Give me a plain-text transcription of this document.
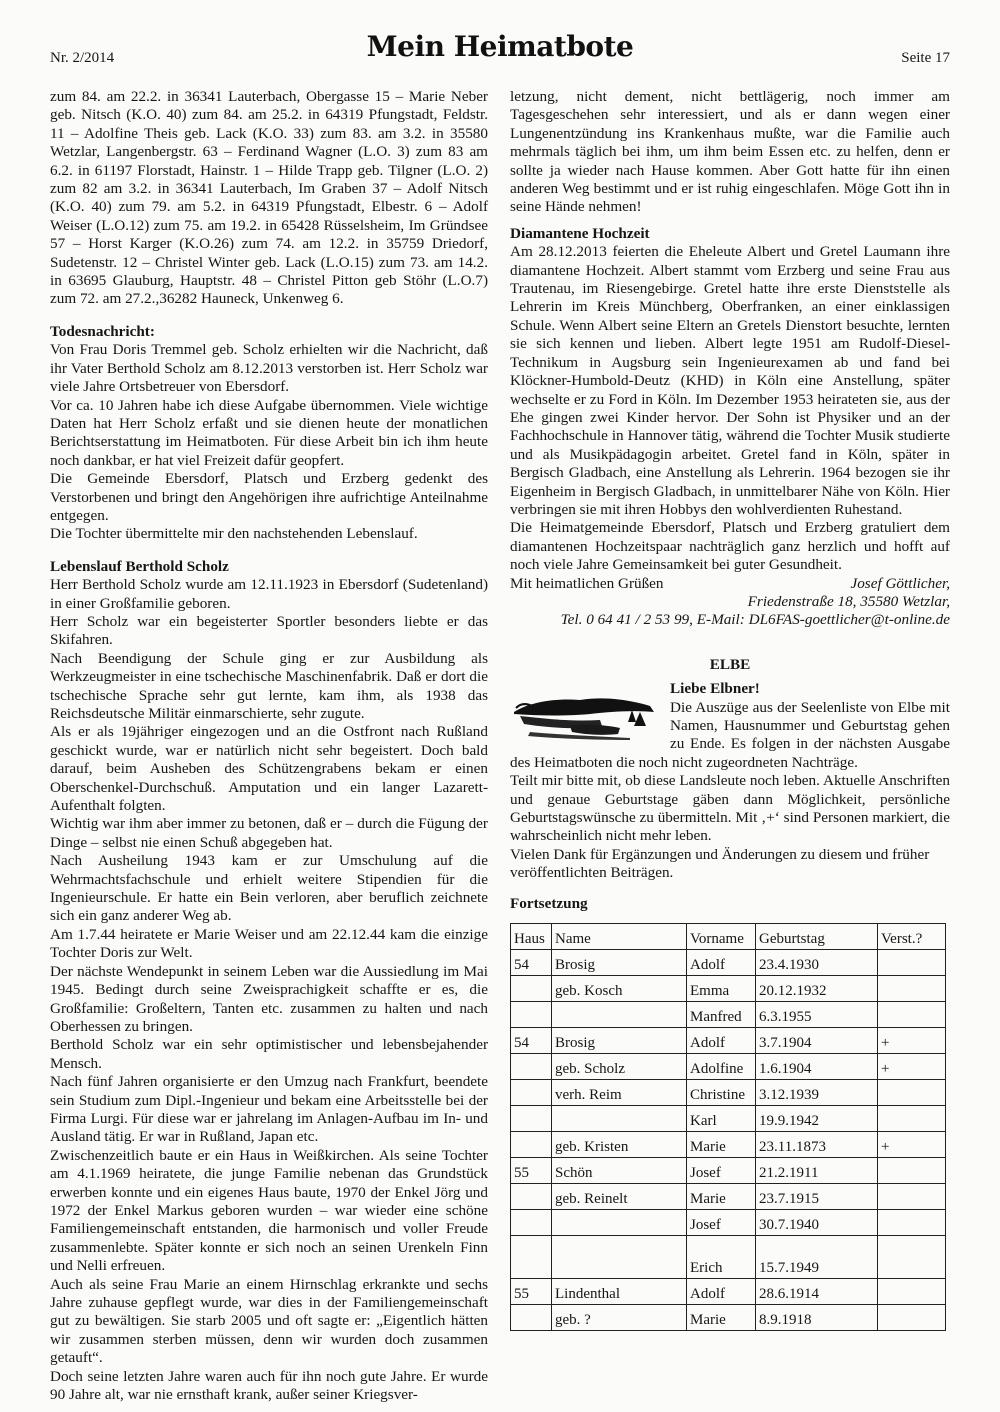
Nr. 2/2014	Mein Heimatbote	Seite 17

zum 84. am 22.2. in 36341 Lauterbach, Obergasse 15 – Marie Neber geb. Nitsch (K.O. 40) zum 84. am 25.2. in 64319 Pfungstadt, Feldstr. 11 – Adolfine Theis geb. Lack (K.O. 33) zum 83. am 3.2. in 35580 Wetzlar, Langenbergstr. 63 – Ferdinand Wagner (L.O. 3) zum 83 am 6.2. in 61197 Florstadt, Hainstr. 1 – Hilde Trapp geb. Tilgner (L.O. 2) zum 82 am 3.2. in 36341 Lauterbach, Im Graben 37 – Adolf Nitsch (K.O. 40) zum 79. am 5.2. in 64319 Pfungstadt, Elbestr. 6 – Adolf Weiser (L.O.12) zum 75. am 19.2. in 65428 Rüsselsheim, Im Gründsee 57 – Horst Karger (K.O.26) zum 74. am 12.2. in 35759 Driedorf, Sudetenstr. 12 – Christel Winter geb. Lack (L.O.15) zum 73. am 14.2. in 63695 Glauburg, Hauptstr. 48 – Christel Pitton geb Stöhr (L.O.7) zum 72. am 27.2.,36282 Hauneck, Unkenweg 6.

Todesnachricht:

Von Frau Doris Tremmel geb. Scholz erhielten wir die Nachricht, daß ihr Vater Berthold Scholz am 8.12.2013 verstorben ist. Herr Scholz war viele Jahre Ortsbetreuer von Ebersdorf.

Vor ca. 10 Jahren habe ich diese Aufgabe übernommen. Viele wichtige Daten hat Herr Scholz erfaßt und sie dienen heute der monatlichen Berichtserstattung im Heimatboten. Für diese Arbeit bin ich ihm heute noch dankbar, er hat viel Freizeit dafür geopfert.

Die Gemeinde Ebersdorf, Platsch und Erzberg gedenkt des Verstorbenen und bringt den Angehörigen ihre aufrichtige Anteilnahme entgegen.

Die Tochter übermittelte mir den nachstehenden Lebenslauf.

Lebenslauf Berthold Scholz

Herr Berthold Scholz wurde am 12.11.1923 in Ebersdorf (Sudetenland) in einer Großfamilie geboren.

Herr Scholz war ein begeisterter Sportler besonders liebte er das Skifahren.

Nach Beendigung der Schule ging er zur Ausbildung als Werkzeugmeister in eine tschechische Maschinenfabrik. Daß er dort die tschechische Sprache sehr gut lernte, kam ihm, als 1938 das Reichsdeutsche Militär einmarschierte, sehr zugute.

Als er als 19jähriger eingezogen und an die Ostfront nach Rußland geschickt wurde, war er natürlich nicht sehr begeistert. Doch bald darauf, beim Ausheben des Schützengrabens bekam er einen Oberschenkel-Durchschuß. Amputation und ein langer Lazarett-Aufenthalt folgten.

Wichtig war ihm aber immer zu betonen, daß er – durch die Fügung der Dinge – selbst nie einen Schuß abgegeben hat.

Nach Ausheilung 1943 kam er zur Umschulung auf die Wehrmachtsfachschule und erhielt weitere Stipendien für die Ingenieurschule. Er hatte ein Bein verloren, aber beruflich zeichnete sich ein ganz anderer Weg ab.

Am 1.7.44 heiratete er Marie Weiser und am 22.12.44 kam die einzige Tochter Doris zur Welt.

Der nächste Wendepunkt in seinem Leben war die Aussiedlung im Mai 1945. Bedingt durch seine Zweisprachigkeit schaffte er es, die Großfamilie: Großeltern, Tanten etc. zusammen zu halten und nach Oberhessen zu bringen.

Berthold Scholz war ein sehr optimistischer und lebensbejahender Mensch.

Nach fünf Jahren organisierte er den Umzug nach Frankfurt, beendete sein Studium zum Dipl.-Ingenieur und bekam eine Arbeitsstelle bei der Firma Lurgi. Für diese war er jahrelang im Anlagen-Aufbau im In- und Ausland tätig. Er war in Rußland, Japan etc.

Zwischenzeitlich baute er ein Haus in Weißkirchen. Als seine Tochter am 4.1.1969 heiratete, die junge Familie nebenan das Grundstück erwerben konnte und ein eigenes Haus baute, 1970 der Enkel Jörg und 1972 der Enkel Markus geboren wurden – war wieder eine schöne Familiengemeinschaft entstanden, die harmonisch und voller Freude zusammenlebte. Später konnte er sich noch an seinen Urenkeln Finn und Nelli erfreuen.

Auch als seine Frau Marie an einem Hirnschlag erkrankte und sechs Jahre zuhause gepflegt wurde, war dies in der Familiengemeinschaft gut zu bewältigen. Sie starb 2005 und oft sagte er: „Eigentlich hätten wir zusammen sterben müssen, denn wir wurden doch zusammen getauft“.

Doch seine letzten Jahre waren auch für ihn noch gute Jahre. Er wurde 90 Jahre alt, war nie ernsthaft krank, außer seiner Kriegsver-

letzung, nicht dement, nicht bettlägerig, noch immer am Tagesgeschehen sehr interessiert, und als er dann wegen einer Lungenentzündung ins Krankenhaus mußte, war die Familie auch mehrmals täglich bei ihm, um ihm beim Essen etc. zu helfen, denn er sollte ja wieder nach Hause kommen. Aber Gott hatte für ihn einen anderen Weg bestimmt und er ist ruhig eingeschlafen. Möge Gott ihn in seine Hände nehmen!

Diamantene Hochzeit

Am 28.12.2013 feierten die Eheleute Albert und Gretel Laumann ihre diamantene Hochzeit. Albert stammt vom Erzberg und seine Frau aus Trautenau, im Riesengebirge. Gretel hatte ihre erste Dienststelle als Lehrerin im Kreis Münchberg, Oberfranken, an einer einklassigen Schule. Wenn Albert seine Eltern an Gretels Dienstort besuchte, lernten sie sich kennen und lieben. Albert legte 1951 am Rudolf-Diesel-Technikum in Augsburg sein Ingenieurexamen ab und fand bei Klöckner-Humbold-Deutz (KHD) in Köln eine Anstellung, später wechselte er zu Ford in Köln. Im Dezember 1953 heirateten sie, aus der Ehe gingen zwei Kinder hervor. Der Sohn ist Physiker und an der Fachhochschule in Hannover tätig, während die Tochter Musik studierte und als Musikpädagogin arbeitet. Gretel fand in Köln, später in Bergisch Gladbach, eine Anstellung als Lehrerin. 1964 bezogen sie ihr Eigenheim in Bergisch Gladbach, in unmittelbarer Nähe von Köln. Hier verbringen sie mit ihren Hobbys den wohlverdienten Ruhestand.

Die Heimatgemeinde Ebersdorf, Platsch und Erzberg gratuliert dem diamantenen Hochzeitspaar nachträglich ganz herzlich und hofft auf noch viele Jahre Gemeinsamkeit bei guter Gesundheit.

Mit heimatlichen Grüßen	Josef Göttlicher,

Friedenstraße 18, 35580 Wetzlar,

Tel. 0 64 41 / 2 53 99, E-Mail: DL6FAS-goettlicher@t-online.de

ELBE

Liebe Elbner!

Die Auszüge aus der Seelenliste von Elbe mit Namen, Hausnummer und Geburtstag gehen zu Ende. Es folgen in der nächsten Ausgabe des Heimatboten die noch nicht zugeordneten Nachträge.

Teilt mir bitte mit, ob diese Landsleute noch leben. Aktuelle Anschriften und genaue Geburtstage gäben dann Möglichkeit, persönliche Geburtstagswünsche zu übermitteln. Mit ‚+‘ sind Personen markiert, die wahrscheinlich nicht mehr leben.

Vielen Dank für Ergänzungen und Änderungen zu diesem und früher veröffentlichten Beiträgen.

Fortsetzung

Haus	Name	Vorname	Geburtstag	Verst.?
54	Brosig	Adolf	23.4.1930	
	geb. Kosch	Emma	20.12.1932	
		Manfred	6.3.1955	
54	Brosig	Adolf	3.7.1904	+
	geb. Scholz	Adolfine	1.6.1904	+
	verh. Reim	Christine	3.12.1939	
		Karl	19.9.1942	
	geb. Kristen	Marie	23.11.1873	+
55	Schön	Josef	21.2.1911	
	geb. Reinelt	Marie	23.7.1915	
		Josef	30.7.1940	
		Erich	15.7.1949	
55	Lindenthal	Adolf	28.6.1914	
	geb. ?	Marie	8.9.1918	
